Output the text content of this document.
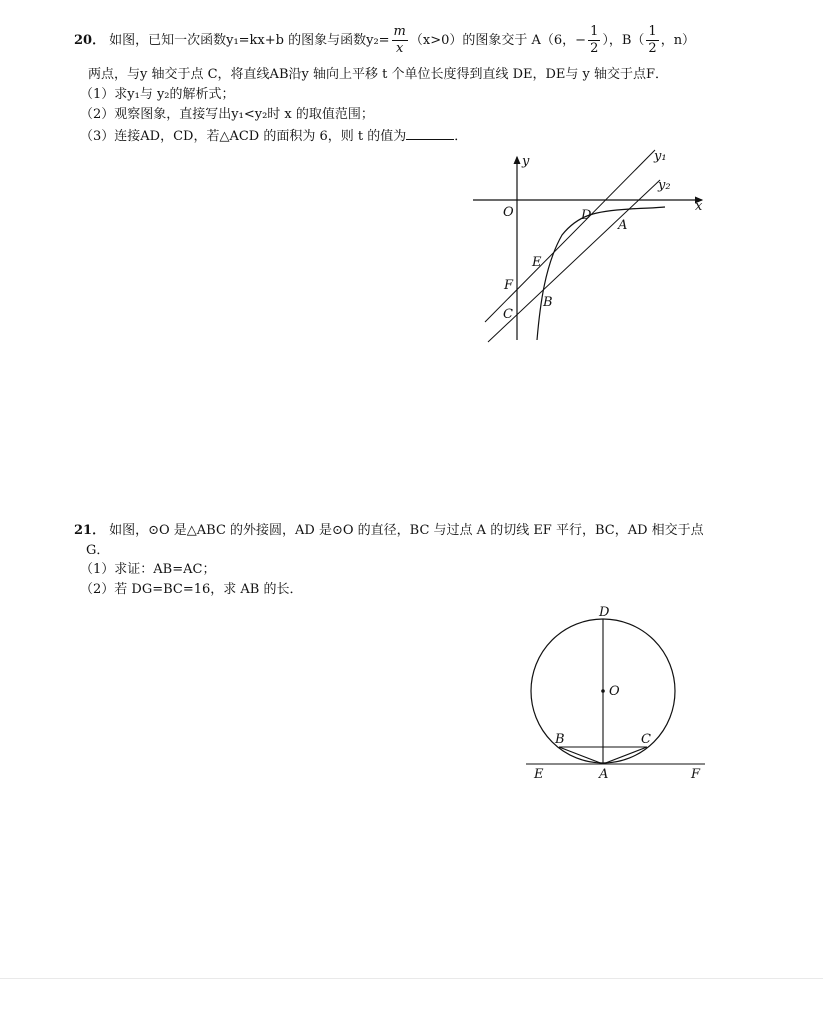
20． 如图，已知一次函数y₁=kx+b 的图象与函数$y_2= \frac{m}{x} (x>0)$的图象交于 A（6，− $\frac{1}{2}$ ），$B( \frac{1}{2}$ ，n）
两点，与y 轴交于点 C，将直线AB沿y 轴向上平移 t 个单位长度得到直线 DE，DE与 y 轴交于点F．
（1）求y₁与 y₂的解析式；
（2）观察图象，直接写出y₁<y₂时 x 的取值范围；
（3）连接AD，CD，若△ACD 的面积为 6，则 t 的值为	．
y
x
O
y₁
y₂
D
A
E
F
B
C
21． 如图，⊙O 是△ABC 的外接圆，AD 是⊙O 的直径，BC 与过点 A 的切线 EF 平行，BC，AD 相交于点
G．
（1）求证：AB=AC；
（2）若 DG=BC=16，求 AB 的长．
D
O
B	C
E	A	F
